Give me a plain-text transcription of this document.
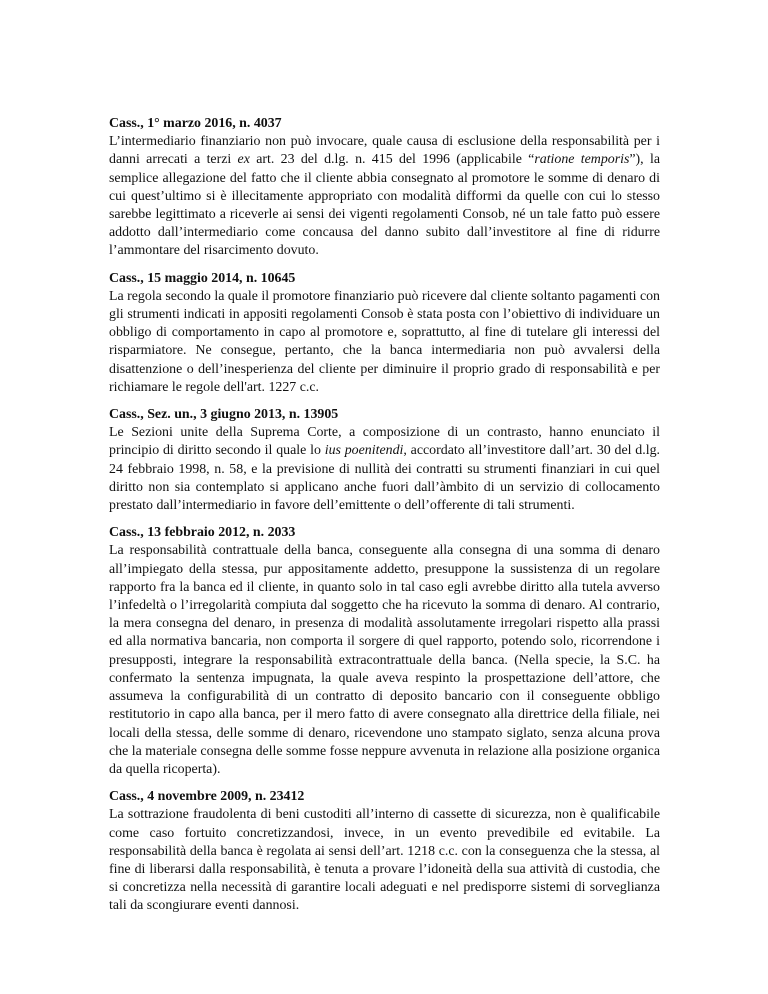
Cass., 1° marzo 2016, n. 4037

L’intermediario finanziario non può invocare, quale causa di esclusione della responsabilità per i danni arrecati a terzi ex art. 23 del d.lg. n. 415 del 1996 (applicabile “ratione temporis”), la semplice allegazione del fatto che il cliente abbia consegnato al promotore le somme di denaro di cui quest’ultimo si è illecitamente appropriato con modalità difformi da quelle con cui lo stesso sarebbe legittimato a riceverle ai sensi dei vigenti regolamenti Consob, né un tale fatto può essere addotto dall’intermediario come concausa del danno subito dall’investitore al fine di ridurre l’ammontare del risarcimento dovuto.

Cass., 15 maggio 2014, n. 10645

La regola secondo la quale il promotore finanziario può ricevere dal cliente soltanto pagamenti con gli strumenti indicati in appositi regolamenti Consob è stata posta con l’obiettivo di individuare un obbligo di comportamento in capo al promotore e, soprattutto, al fine di tutelare gli interessi del risparmiatore. Ne consegue, pertanto, che la banca intermediaria non può avvalersi della disattenzione o dell’inesperienza del cliente per diminuire il proprio grado di responsabilità e per richiamare le regole dell'art. 1227 c.c.

Cass., Sez. un., 3 giugno 2013, n. 13905

Le Sezioni unite della Suprema Corte, a composizione di un contrasto, hanno enunciato il principio di diritto secondo il quale lo ius poenitendi, accordato all’investitore dall’art. 30 del d.lg. 24 febbraio 1998, n. 58, e la previsione di nullità dei contratti su strumenti finanziari in cui quel diritto non sia contemplato si applicano anche fuori dall’àmbito di un servizio di collocamento prestato dall’intermediario in favore dell’emittente o dell’offerente di tali strumenti.

Cass., 13 febbraio 2012, n. 2033

La responsabilità contrattuale della banca, conseguente alla consegna di una somma di denaro all’impiegato della stessa, pur appositamente addetto, presuppone la sussistenza di un regolare rapporto fra la banca ed il cliente, in quanto solo in tal caso egli avrebbe diritto alla tutela avverso l’infedeltà o l’irregolarità compiuta dal soggetto che ha ricevuto la somma di denaro. Al contrario, la mera consegna del denaro, in presenza di modalità assolutamente irregolari rispetto alla prassi ed alla normativa bancaria, non comporta il sorgere di quel rapporto, potendo solo, ricorrendone i presupposti, integrare la responsabilità extracontrattuale della banca. (Nella specie, la S.C. ha confermato la sentenza impugnata, la quale aveva respinto la prospettazione dell’attore, che assumeva la configurabilità di un contratto di deposito bancario con il conseguente obbligo restitutorio in capo alla banca, per il mero fatto di avere consegnato alla direttrice della filiale, nei locali della stessa, delle somme di denaro, ricevendone uno stampato siglato, senza alcuna prova che la materiale consegna delle somme fosse neppure avvenuta in relazione alla posizione organica da quella ricoperta).

Cass., 4 novembre 2009, n. 23412

La sottrazione fraudolenta di beni custoditi all’interno di cassette di sicurezza, non è qualificabile come caso fortuito concretizzandosi, invece, in un evento prevedibile ed evitabile. La responsabilità della banca è regolata ai sensi dell’art. 1218 c.c. con la conseguenza che la stessa, al fine di liberarsi dalla responsabilità, è tenuta a provare l’idoneità della sua attività di custodia, che si concretizza nella necessità di garantire locali adeguati e nel predisporre sistemi di sorveglianza tali da scongiurare eventi dannosi.
